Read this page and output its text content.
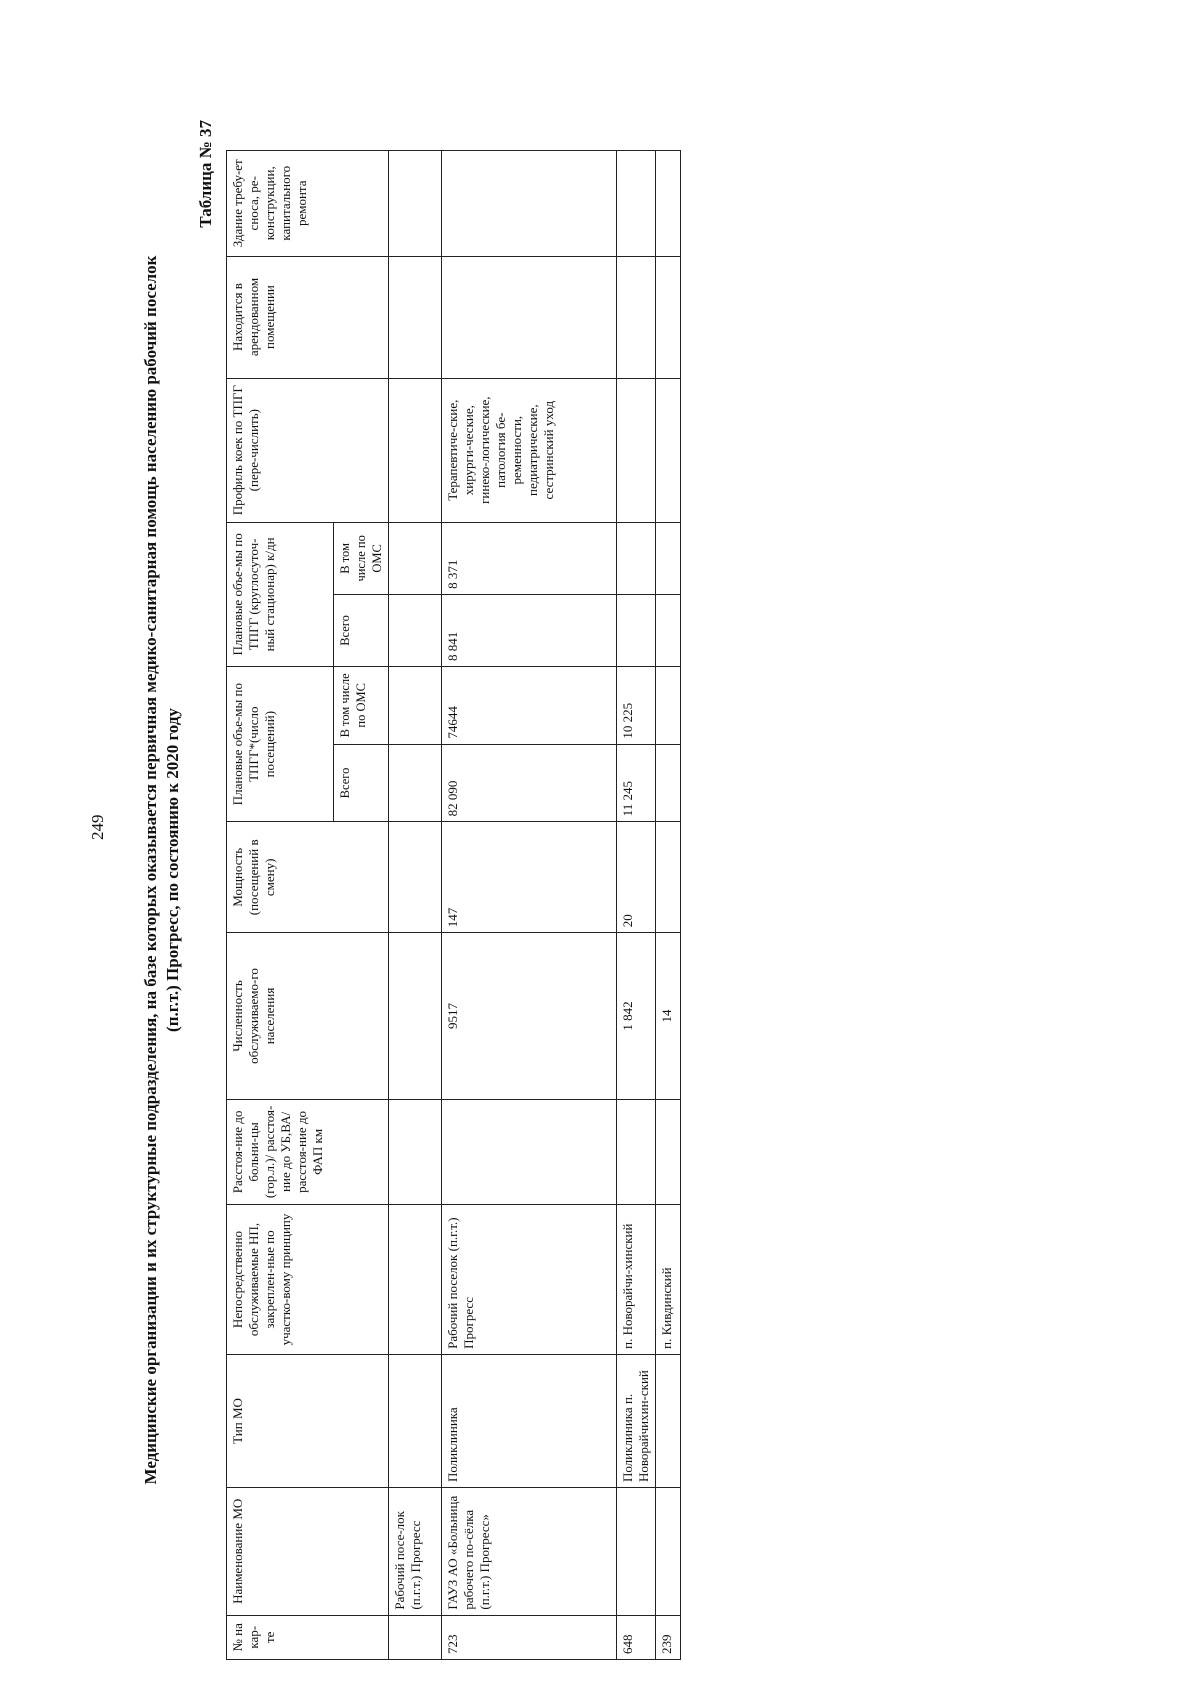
249 Медицинские организации и их структурные подразделения, на базе которых оказывается первичная медико-санитарная помощь населению рабочий поселок (п.г.т.) Прогресс, по состоянию к 2020 году
Таблица № 37
№ на кар-те	Наименование МО	Тип МО	Непосредственно обслуживаемые НП, закреплен-ные по участко-вому принципу	Расстоя-ние до больни-цы (гор.л.)/ расстоя-ние до УБ,ВА/ расстоя-ние до ФАП км	Численность обслуживаемо-го населения	Мощность (посещений в смену)	Плановые объе-мы по ТПГГ*(число посещений)		Плановые объе-мы по ТПГГ (круглосуточ-ный стационар) к/дн		Профиль коек по ТПГГ (пере-числить)	Находится в арендованном помещении	Здание требу-ет сноса, ре-конструкции, капитального ремонта
							Всего	В том числе по ОМС	Всего	В том числе по ОМС			
	Рабочий посе-лок (п.г.т.) Прогресс												
723	ГАУЗ АО «Больница рабочего по-сёлка (п.г.т.) Прогресс»	Поликлиника	Рабочий поселок (п.г.т.) Прогресс		9517	147	82 090	74644	8 841	8 371	Терапевтиче-ские, хирурги-ческие, гинеко-логические, патология бе-ременности, педиатрические, сестринский уход		
648		Поликлиника п. Новорайчихин-ский	п. Новорайчи-хинский		1 842	20	11 245	10 225					
239			п. Кивдинский		14								
